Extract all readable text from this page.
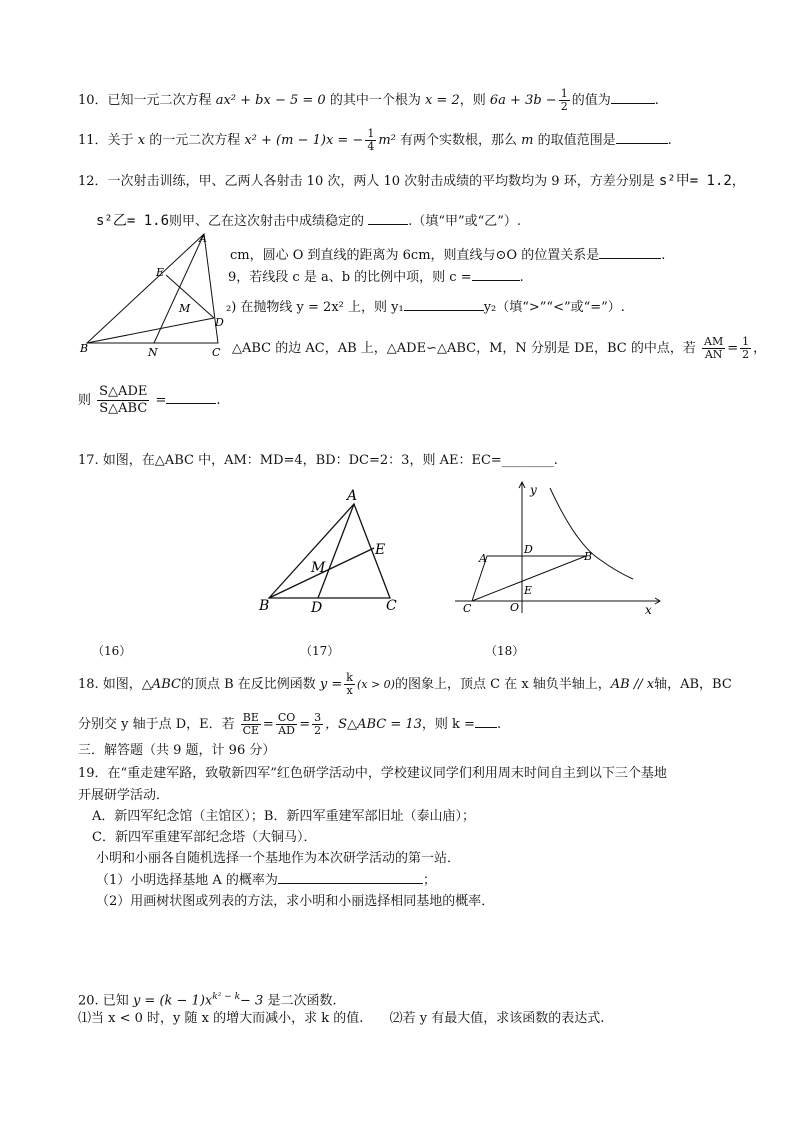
10．已知一元二次方程 ax² + bx − 5 = 0 的其中一个根为 x = 2，则 $6a + 3b - \frac{1}{2}$ 的值为	.
11．关于 x 的一元二次方程 x² + (m − 1)x = − $\frac{1}{4} m^2$ 有两个实数根，那么 m 的取值范围是	.
12．一次射击训练，甲、乙两人各射击 10 次，两人 10 次射击成绩的平均数均为 9 环，方差分别是 s²甲= 1.2，
s²乙= 1.6则甲、乙在这次射击中成绩稳定的	.（填“甲”或“乙”）.
A
E
M
D
B	N	C
cm，圆心 O 到直线的距离为 6cm，则直线与⊙O 的位置关系是	.
9，若线段 c 是 a、b 的比例中项，则 c =	.
₂) 在抛物线 y = 2x² 上，则 y₁	y₂（填“>”“<”或“=”）.
△ABC 的边 AC，AB 上，△ADE∽△ABC，M，N 分别是 DE，BC 的中点，若 $\frac{AM}{AN} = \frac{1}{2}$ ，
则 $\frac{\text{S△ADE}}{\text{S△ABC}}$ =	.
17. 如图，在△ABC 中，AM：MD=4，BD：DC=2：3，则 AE：EC=________.
A
E
M
B	D	C
y
x
A
D
B
E
C	O
（16）	（17）	（18）
18. 如图，△ABC的顶点 B 在反比例函数 $y = \frac{k}{x} (x > 0)$的图象上，顶点 C 在 x 轴负半轴上，AB // x轴，AB，BC
分别交 y 轴于点 D，E．若 $\frac{BE}{CE} = \frac{CO}{AD} = \frac{3}{2}$ ，S△ABC = 13，则 k = .
三．解答题（共 9 题，计 96 分）
19．在“重走建军路，致敬新四军”红色研学活动中，学校建议同学们利用周末时间自主到以下三个基地
开展研学活动．
A．新四军纪念馆（主馆区）；B．新四军重建军部旧址（泰山庙）；
C．新四军重建军部纪念塔（大铜马）．
小明和小丽各自随机选择一个基地作为本次研学活动的第一站．
（1）小明选择基地 A 的概率为	；
（2）用画树状图或列表的方法，求小明和小丽选择相同基地的概率．
20. 已知 $y = (k - 1)x^{k^2 - k}- 3$ 是二次函数.
⑴当 x < 0 时，y 随 x 的增大而减小，求 k 的值. ⑵若 y 有最大值，求该函数的表达式.
